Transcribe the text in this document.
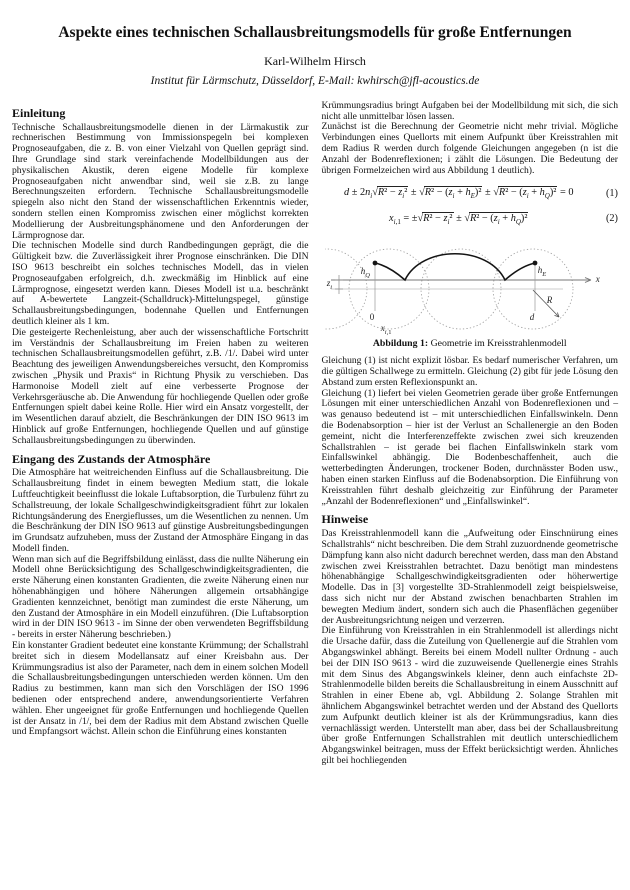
Aspekte eines technischen Schallausbreitungsmodells für große Entfernungen
Karl-Wilhelm Hirsch
Institut für Lärmschutz, Düsseldorf, E-Mail: kwhirsch@jfl-acoustics.de
Einleitung

Technische Schallausbreitungsmodelle dienen in der Lärmakustik zur rechnerischen Bestimmung von Immissionspegeln bei komplexen Prognoseaufgaben, die z. B. von einer Vielzahl von Quellen geprägt sind. Ihre Grundlage sind stark vereinfachende Modellbildungen aus der physikalischen Akustik, deren eigene Modelle für komplexe Prognoseaufgaben nicht anwendbar sind, weil sie z.B. zu lange Berechnungszeiten erfordern. Technische Schallausbreitungsmodelle spiegeln also nicht den Stand der wissenschaftlichen Erkenntnis wieder, sondern stellen einen Kompromiss zwischen einer möglichst korrekten Modellierung der Ausbreitungsphänomene und den Anforderungen der Lärmprognose dar.

Die technischen Modelle sind durch Randbedingungen geprägt, die die Gültigkeit bzw. die Zuverlässigkeit ihrer Prognose einschränken. Die DIN ISO 9613 beschreibt ein solches technisches Modell, das in vielen Prognoseaufgaben erfolgreich, d.h. zweckmäßig im Hinblick auf eine Lärmprognose, eingesetzt werden kann. Dieses Modell ist u.a. beschränkt auf A-bewertete Langzeit-(Schalldruck)-Mittelungspegel, günstige Schallausbreitungsbedingungen, bodennahe Quellen und Entfernungen deutlich kleiner als 1 km.

Die gesteigerte Rechenleistung, aber auch der wissenschaftliche Fortschritt im Verständnis der Schallausbreitung im Freien haben zu weiteren technischen Schallausbreitungsmodellen geführt, z.B. /1/. Dabei wird unter Beachtung des jeweiligen Anwendungsbereiches versucht, den Kompromiss zwischen „Physik und Praxis“ in Richtung Physik zu verschieben. Das Harmonoise Modell zielt auf eine verbesserte Prognose der Verkehrsgeräusche ab. Die Anwendung für hochliegende Quellen oder große Entfernungen spielt dabei keine Rolle. Hier wird ein Ansatz vorgestellt, der im Wesentlichen darauf abzielt, die Beschränkungen der DIN ISO 9613 im Hinblick auf große Entfernungen, hochliegende Quellen und auf günstige Schallausbreitungsbedingungen zu überwinden.

Eingang des Zustands der Atmosphäre

Die Atmosphäre hat weitreichenden Einfluss auf die Schallausbreitung. Die Schallausbreitung findet in einem bewegten Medium statt, die lokale Luftfeuchtigkeit beeinflusst die lokale Luftabsorption, die Turbulenz führt zu Schallstreuung, der lokale Schallgeschwindigkeitsgradient führt zur lokalen Richtungsänderung des Energieflusses, um die Wesentlichen zu nennen. Um die Beschränkung der DIN ISO 9613 auf günstige Ausbreitungsbedingungen im Grundsatz aufzuheben, muss der Zustand der Atmosphäre Eingang in das Modell finden.

Wenn man sich auf die Begriffsbildung einlässt, dass die nullte Näherung ein Modell ohne Berücksichtigung des Schallgeschwindigkeitsgradienten, die erste Näherung einen konstanten Gradienten, die zweite Näherung einen nur höhenabhängigen und höhere Näherungen allgemein ortsabhängige Gradienten kennzeichnet, benötigt man zumindest die erste Näherung, um den Zustand der Atmosphäre in ein Modell einzuführen. (Die Luftabsorption wird in der DIN ISO 9613 - im Sinne der oben verwendeten Begriffsbildung - bereits in erster Näherung beschrieben.)

Ein konstanter Gradient bedeutet eine konstante Krümmung; der Schallstrahl breitet sich in diesem Modellansatz auf einer Kreisbahn aus. Der Krümmungsradius ist also der Parameter, nach dem in einem solchen Modell die Schallausbreitungsbedingungen unterschieden werden können. Um den Radius zu bestimmen, kann man sich den Vorschlägen der ISO 1996 bedienen oder entsprechend andere, anwendungsorientierte Verfahren wählen. Eher ungeeignet für große Entfernungen und hochliegende Quellen ist der Ansatz in /1/, bei dem der Radius mit dem Abstand zwischen Quelle und Empfangsort wächst. Allein schon die Einführung eines konstanten

Krümmungsradius bringt Aufgaben bei der Modellbildung mit sich, die sich nicht alle unmittelbar lösen lassen.

Zunächst ist die Berechnung der Geometrie nicht mehr trivial. Mögliche Verbindungen eines Quellorts mit einem Aufpunkt über Kreisstrahlen mit dem Radius R werden durch folgende Gleichungen angegeben (n ist die Anzahl der Bodenreflexionen; i zählt die Lösungen. Die Bedeutung der übrigen Formelzeichen wird aus Abbildung 1 deutlich).

$d \pm 2n_i√R^2 - z_i^2 \pm √R^2 - (z_i + h_E)^2 \pm √R^2 - (z_i + h_Q)^2 = 0$	(1)
$x_{i,1} = \pm√R^2 - z_i^2 \pm √R^2 - (z_i + h_Q)^2$	(2)
$h_Q$
$h_E$	x
$z_i$
0
$x_{i,1}$
d
R
Abbildung 1: Geometrie im Kreisstrahlenmodell

Gleichung (1) ist nicht explizit lösbar. Es bedarf numerischer Verfahren, um die gültigen Schallwege zu ermitteln. Gleichung (2) gibt für jede Lösung den Abstand zum ersten Reflexionspunkt an.

Gleichung (1) liefert bei vielen Geometrien gerade über große Entfernungen Lösungen mit einer unterschiedlichen Anzahl von Bodenreflexionen und – was genauso bedeutend ist – mit unterschiedlichen Einfallswinkeln. Denn die Bodenabsorption – hier ist der Verlust an Schallenergie an den Boden gemeint, nicht die Interferenzeffekte zwischen zwei sich kreuzenden Schallstrahlen – ist gerade bei flachen Einfallswinkeln stark vom Einfallswinkel abhängig. Die Bodenbeschaffenheit, auch die wetterbedingten Änderungen, trockener Boden, durchnässter Boden usw., haben einen starken Einfluss auf die Bodenabsorption. Die Einführung von Kreisstrahlen führt deshalb gleichzeitig zur Einführung der Parameter „Anzahl der Bodenreflexionen“ und „Einfallswinkel“.

Hinweise

Das Kreisstrahlenmodell kann die „Aufweitung oder Einschnürung eines Schallstrahls“ nicht beschreiben. Die dem Strahl zuzuordnende geometrische Dämpfung kann also nicht dadurch berechnet werden, dass man den Abstand zwischen zwei Kreisstrahlen betrachtet. Dazu benötigt man mindestens höhenabhängige Schallgeschwindigkeitsgradienten oder höherwertige Modelle. Das in [3] vorgestellte 3D-Strahlenmodell zeigt beispielsweise, dass sich nicht nur der Abstand zwischen benachbarten Strahlen im bewegten Medium ändert, sondern sich auch die Phasenflächen gegenüber der Ausbreitungsrichtung neigen und verzerren.

Die Einführung von Kreisstrahlen in ein Strahlenmodell ist allerdings nicht die Ursache dafür, dass die Zuteilung von Quellenergie auf die Strahlen vom Abgangswinkel abhängt. Bereits bei einem Modell nullter Ordnung - auch bei der DIN ISO 9613 - wird die zuzuweisende Quellenergie eines Strahls mit dem Sinus des Abgangswinkels kleiner, denn auch einfachste 2D-Strahlenmodelle bilden bereits die Schallausbreitung in einem Ausschnitt auf Strahlen in einer Ebene ab, vgl. Abbildung 2. Solange Strahlen mit ähnlichem Abgangswinkel betrachtet werden und der Abstand des Quellorts zum Aufpunkt deutlich kleiner ist als der Krümmungsradius, kann dies vernachlässigt werden. Unterstellt man aber, dass bei der Schallausbreitung über große Entfernungen Schallstrahlen mit deutlich unterschiedlichem Abgangswinkel beitragen, muss der Effekt berücksichtigt werden. Ähnliches gilt bei hochliegenden
